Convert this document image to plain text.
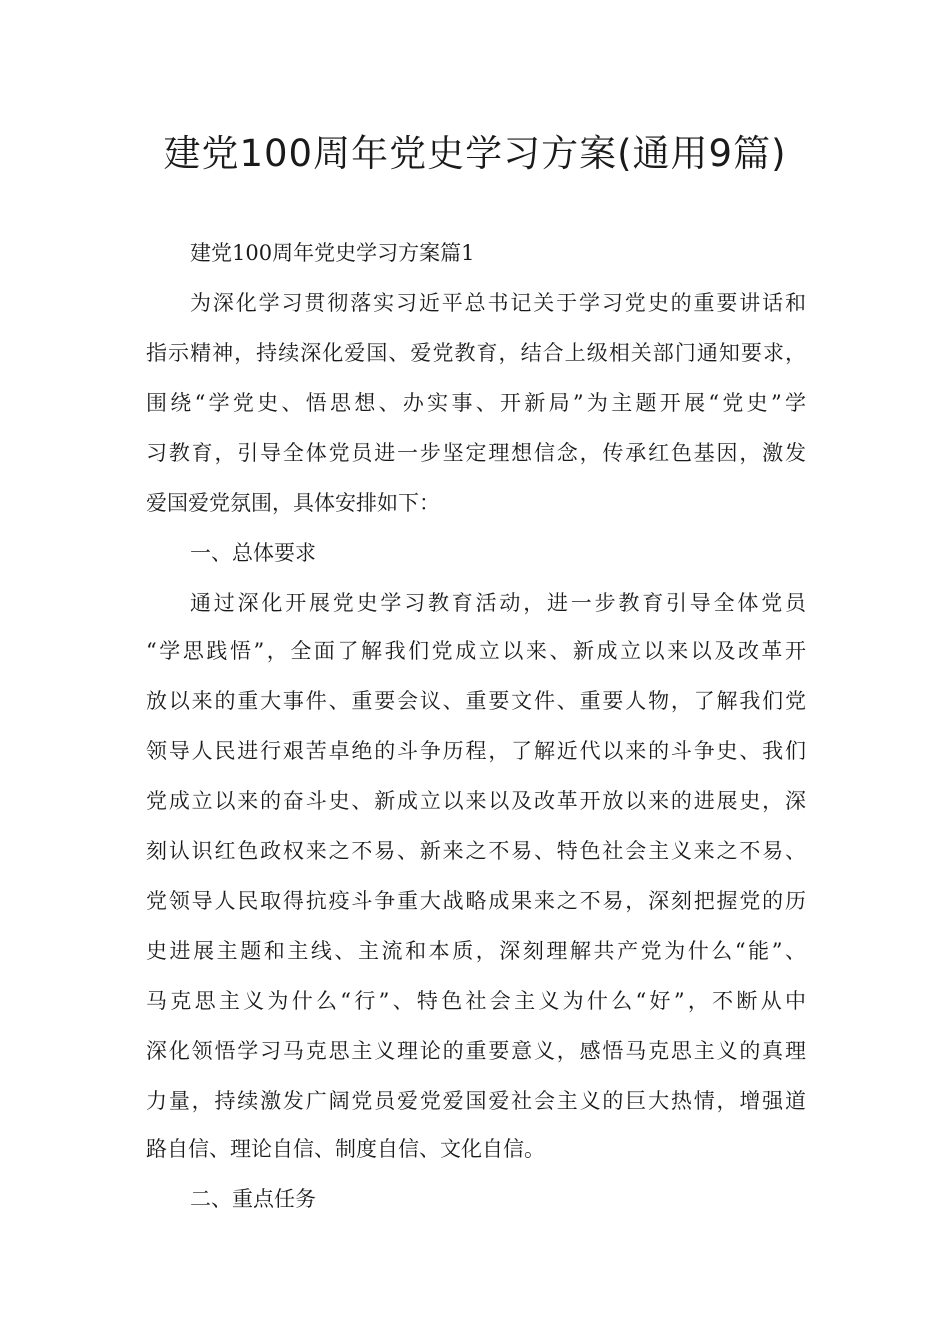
建党100周年党史学习方案(通用9篇)
建党100周年党史学习方案篇1
为深化学习贯彻落实习近平总书记关于学习党史的重要讲话和
指示精神，持续深化爱国、爱党教育，结合上级相关部门通知要求，
围绕“学党史、悟思想、办实事、开新局”为主题开展“党史”学
习教育，引导全体党员进一步坚定理想信念，传承红色基因，激发
爱国爱党氛围，具体安排如下：
一、总体要求
通过深化开展党史学习教育活动，进一步教育引导全体党员
“学思践悟”，全面了解我们党成立以来、新成立以来以及改革开
放以来的重大事件、重要会议、重要文件、重要人物，了解我们党
领导人民进行艰苦卓绝的斗争历程，了解近代以来的斗争史、我们
党成立以来的奋斗史、新成立以来以及改革开放以来的进展史，深
刻认识红色政权来之不易、新来之不易、特色社会主义来之不易、
党领导人民取得抗疫斗争重大战略成果来之不易，深刻把握党的历
史进展主题和主线、主流和本质，深刻理解共产党为什么“能”、
马克思主义为什么“行”、特色社会主义为什么“好”，不断从中
深化领悟学习马克思主义理论的重要意义，感悟马克思主义的真理
力量，持续激发广阔党员爱党爱国爱社会主义的巨大热情，增强道
路自信、理论自信、制度自信、文化自信。
二、重点任务
